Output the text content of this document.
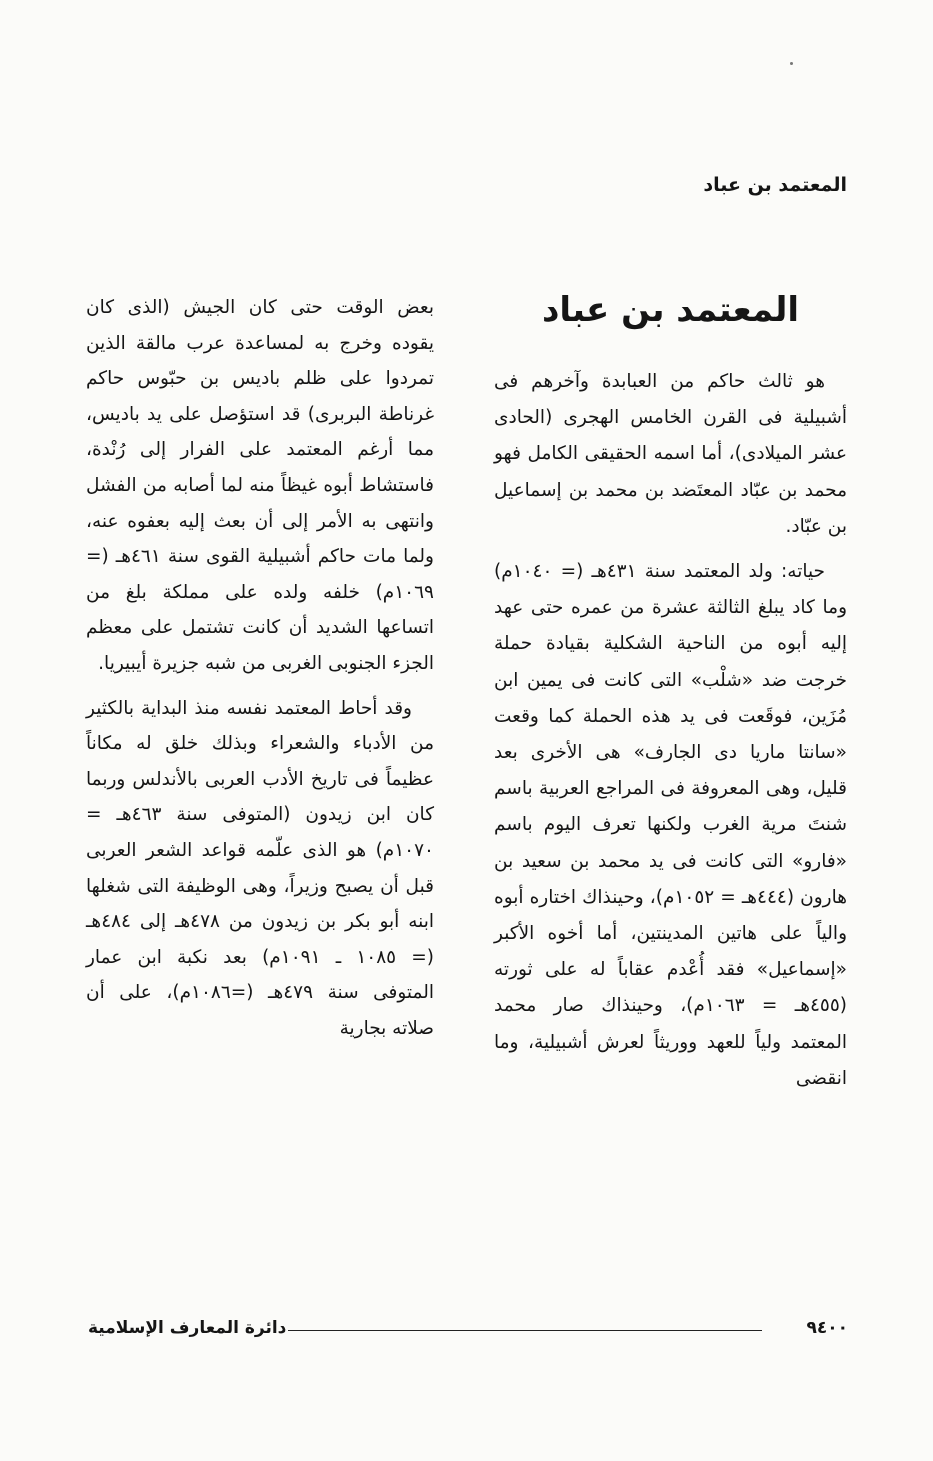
المعتمد بن عباد
المعتمد بن عباد

هو ثالث حاكم من العبابدة وآخرهم فى أشبيلية فى القرن الخامس الهجرى (الحادى عشر الميلادى)، أما اسمه الحقيقى الكامل فهو محمد بن عبّاد المعتَضد بن محمد بن إسماعيل بن عبّاد.

حياته: ولد المعتمد سنة ٤٣١هـ (= ١٠٤٠م) وما كاد يبلغ الثالثة عشرة من عمره حتى عهد إليه أبوه من الناحية الشكلية بقيادة حملة خرجت ضد «شلْب» التى كانت فى يمين ابن مُزَين، فوقَعت فى يد هذه الحملة كما وقعت «سانتا ماريا دى الجارف» هى الأخرى بعد قليل، وهى المعروفة فى المراجع العربية باسم شنتَ مرية الغرب ولكنها تعرف اليوم باسم «فارو» التى كانت فى يد محمد بن سعيد بن هارون (٤٤٤هـ = ١٠٥٢م)، وحينذاك اختاره أبوه والياً على هاتين المدينتين، أما أخوه الأكبر «إسماعيل» فقد أُعْدم عقاباً له على ثورته (٤٥٥هـ = ١٠٦٣م)، وحينذاك صار محمد المعتمد ولياً للعهد ووريثاً لعرش أشبيلية، وما انقضى

بعض الوقت حتى كان الجيش (الذى كان يقوده وخرج به لمساعدة عرب مالقة الذين تمردوا على ظلم باديس بن حبّوس حاكم غرناطة البربرى) قد استؤصل على يد باديس، مما أرغم المعتمد على الفرار إلى رُنْدة، فاستشاط أبوه غيظاً منه لما أصابه من الفشل وانتهى به الأمر إلى أن بعث إليه بعفوه عنه، ولما مات حاكم أشبيلية القوى سنة ٤٦١هـ (= ١٠٦٩م) خلفه ولده على مملكة بلغ من اتساعها الشديد أن كانت تشتمل على معظم الجزء الجنوبى الغربى من شبه جزيرة أيبيريا.

وقد أحاط المعتمد نفسه منذ البداية بالكثير من الأدباء والشعراء وبذلك خلق له مكاناً عظيماً فى تاريخ الأدب العربى بالأندلس وربما كان ابن زيدون (المتوفى سنة ٤٦٣هـ = ١٠٧٠م) هو الذى علّمه قواعد الشعر العربى قبل أن يصبح وزيراً، وهى الوظيفة التى شغلها ابنه أبو بكر بن زيدون من ٤٧٨هـ إلى ٤٨٤هـ (= ١٠٨٥ ـ ١٠٩١م) بعد نكبة ابن عمار المتوفى سنة ٤٧٩هـ (=١٠٨٦م)، على أن صلاته بجارية

٩٤٠٠
دائرة المعارف الإسلامية
